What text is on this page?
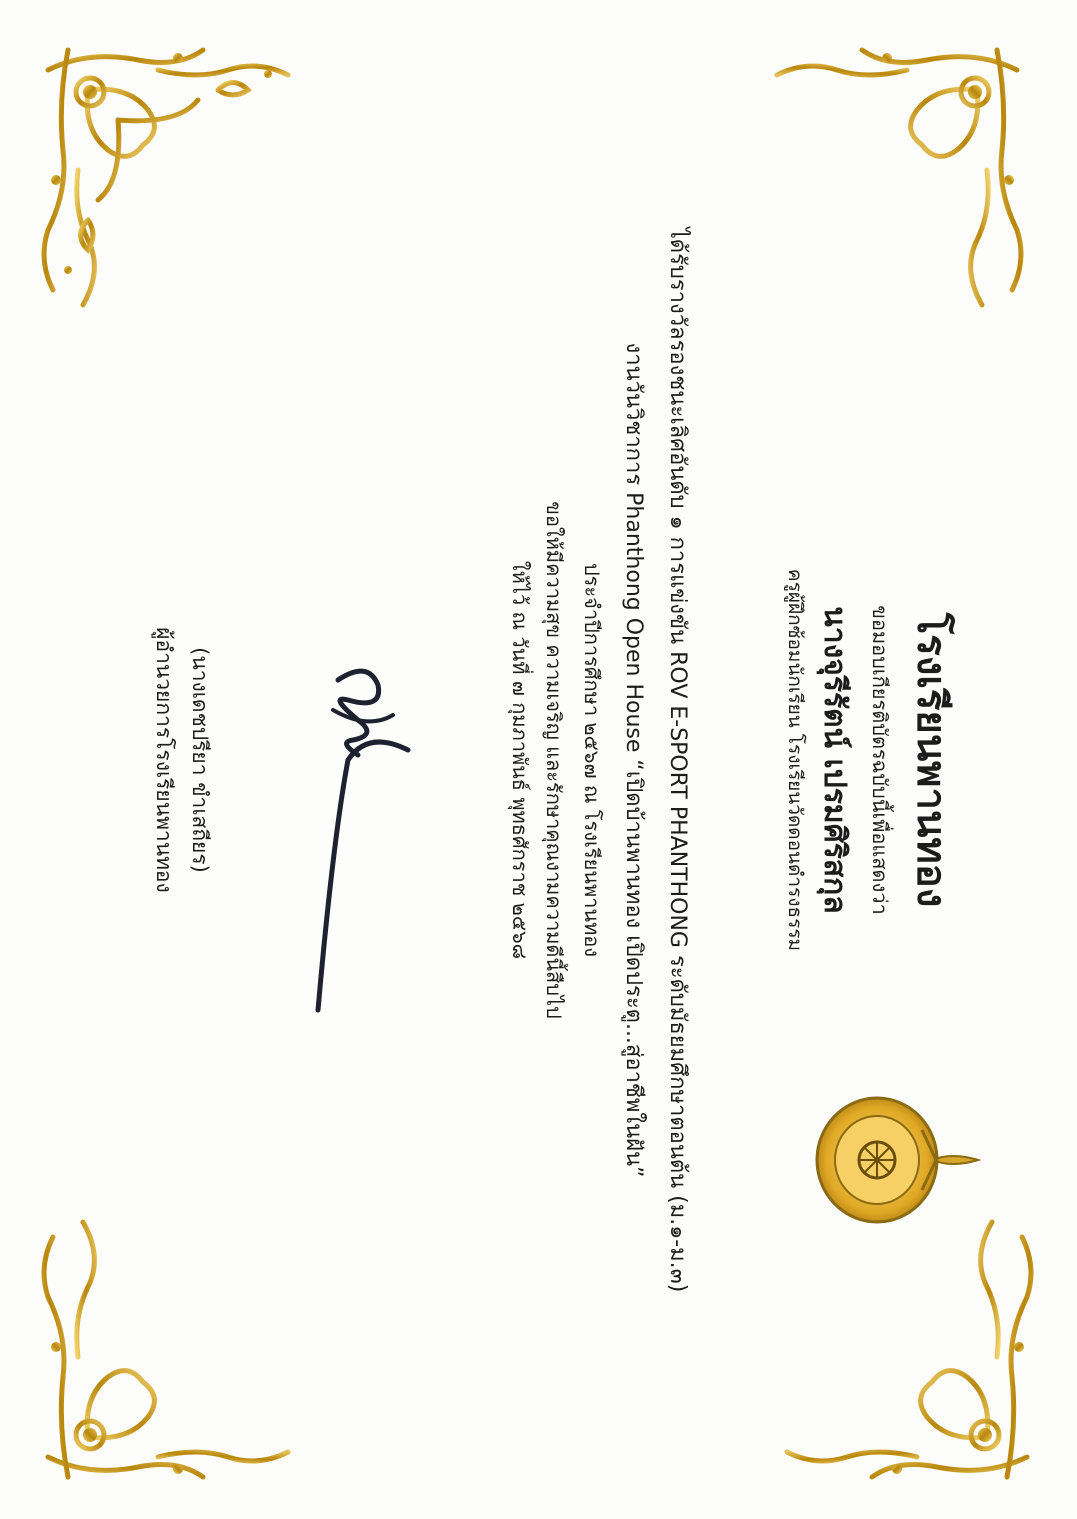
โรงเรียนพานทอง
ขอมอบเกียรติบัตรฉบับนี้เพื่อแสดงว่า
นางจุรีรัตน์ เปรมศิริสกุล
ครูผู้ฝึกซ้อมนักเรียน โรงเรียนวัดดอนดำรงธรรม
ได้รับรางวัลรองชนะเลิศอันดับ ๑ การแข่งขัน ROV E-SPORT PHANTHONG ระดับมัธยมศึกษาตอนต้น (ม.๑-ม.๓)
งานวันวิชาการ Phanthong Open House “เปิดบ้านพานทอง เปิดประตู...สู่อาชีพในฝัน”
ประจำปีการศึกษา ๒๕๖๗ ณ โรงเรียนพานทอง
ขอให้มีความสุข ความเจริญ และรักษาคุณงามความดีนี้สืบไป
ให้ไว้ ณ วันที่ ๗ กุมภาพันธ์ พุทธศักราช ๒๕๖๘
(นางเดชปรียา ขำเสถียร)
ผู้อำนวยการโรงเรียนพานทอง
